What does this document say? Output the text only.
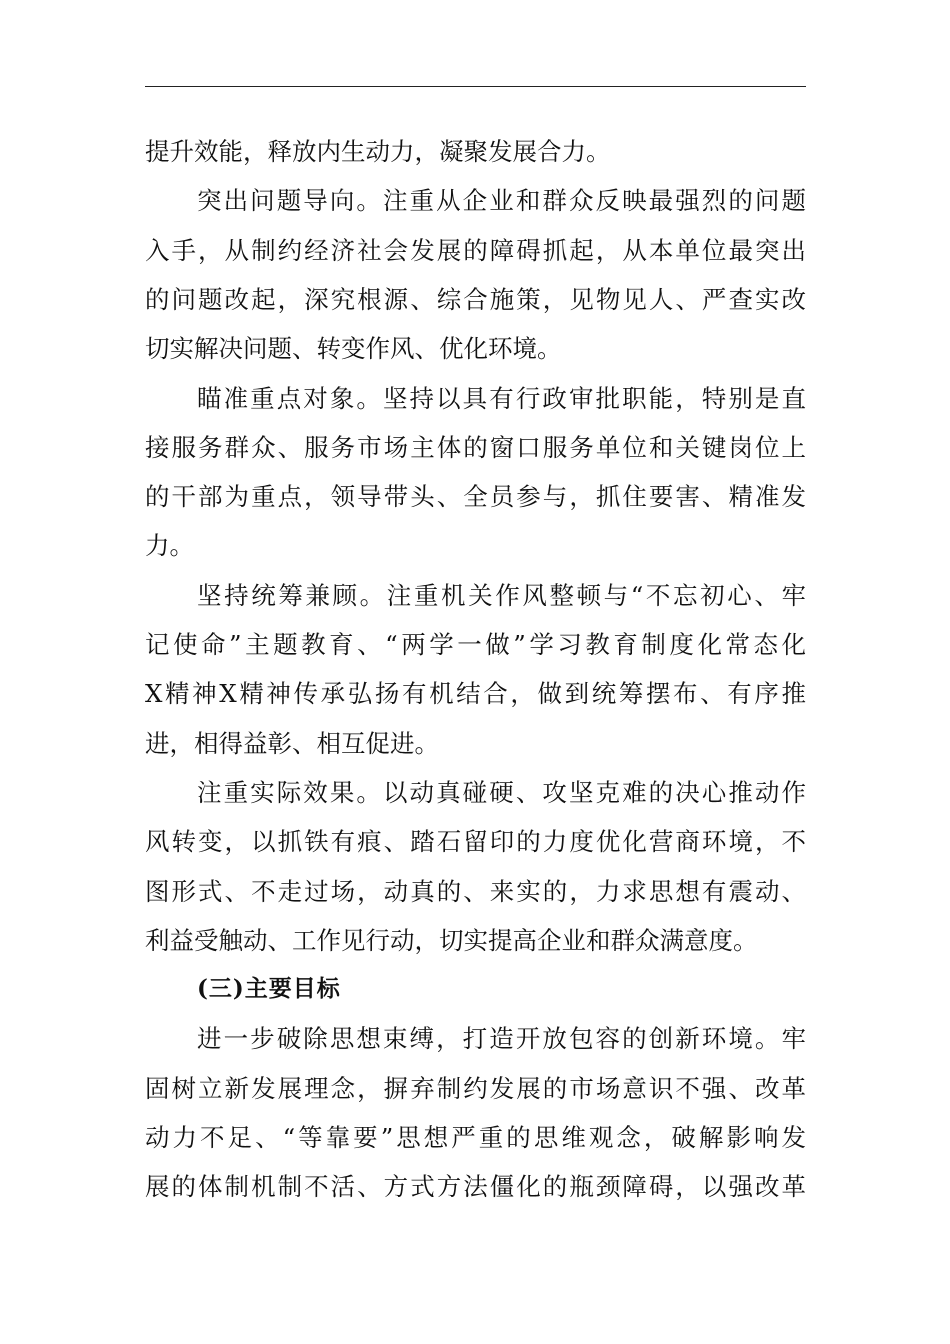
提升效能，释放内生动力，凝聚发展合力。
突出问题导向。注重从企业和群众反映最强烈的问题
入手，从制约经济社会发展的障碍抓起，从本单位最突出
的问题改起，深究根源、综合施策，见物见人、严查实改
切实解决问题、转变作风、优化环境。
瞄准重点对象。坚持以具有行政审批职能，特别是直
接服务群众、服务市场主体的窗口服务单位和关键岗位上
的干部为重点，领导带头、全员参与，抓住要害、精准发
力。
坚持统筹兼顾。注重机关作风整顿与“不忘初心、牢
记使命”主题教育、“两学一做”学习教育制度化常态化
X精神X精神传承弘扬有机结合，做到统筹摆布、有序推
进，相得益彰、相互促进。
注重实际效果。以动真碰硬、攻坚克难的决心推动作
风转变，以抓铁有痕、踏石留印的力度优化营商环境，不
图形式、不走过场，动真的、来实的，力求思想有震动、
利益受触动、工作见行动，切实提高企业和群众满意度。
(三)主要目标
进一步破除思想束缚，打造开放包容的创新环境。牢
固树立新发展理念，摒弃制约发展的市场意识不强、改革
动力不足、“等靠要”思想严重的思维观念，破解影响发
展的体制机制不活、方式方法僵化的瓶颈障碍，以强改革
